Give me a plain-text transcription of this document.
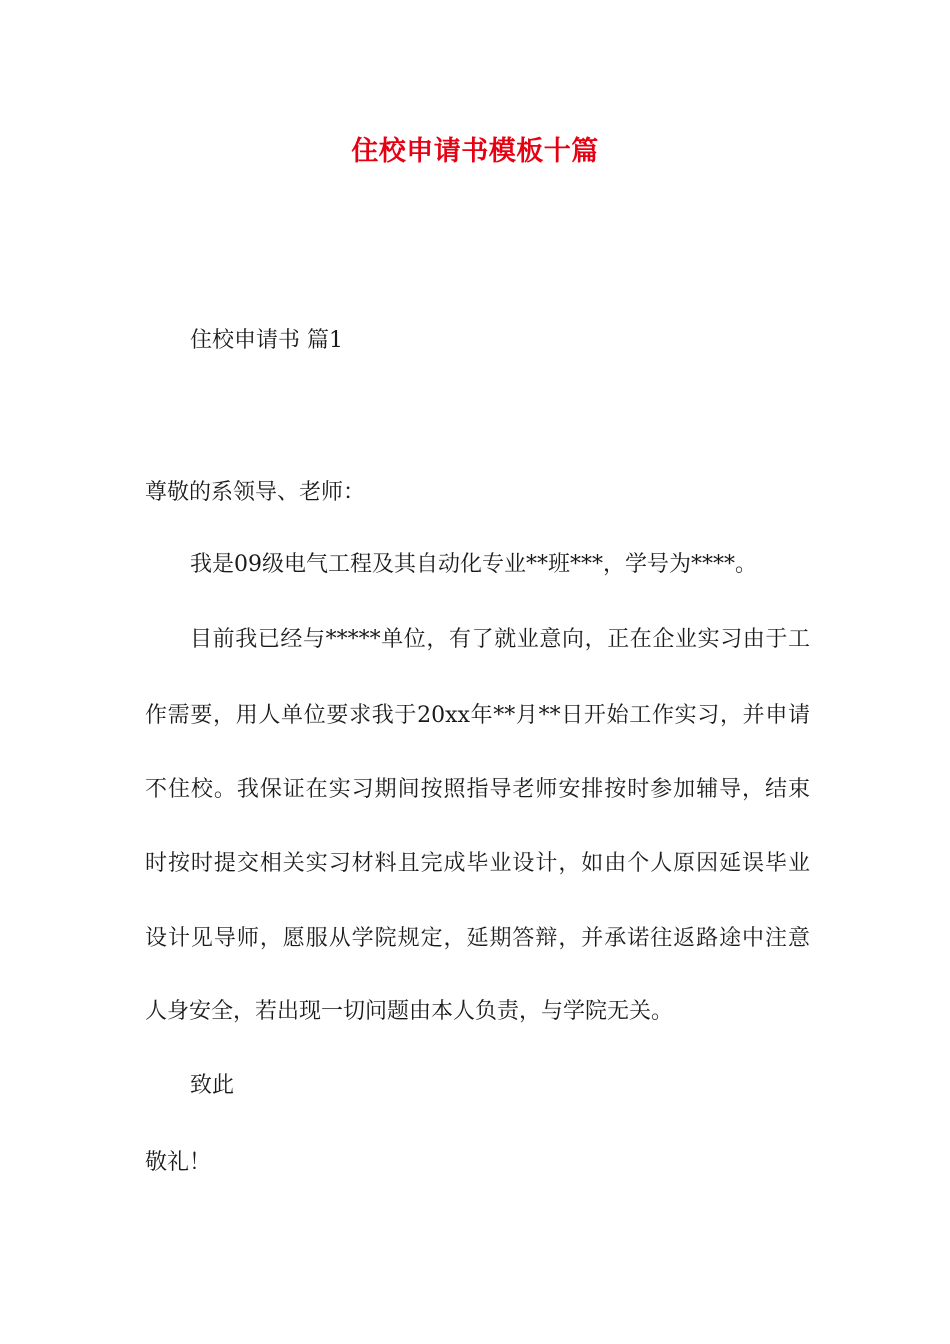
住校申请书模板十篇
住校申请书 篇1
尊敬的系领导、老师：
我是09级电气工程及其自动化专业**班***，学号为****。
目前我已经与*****单位，有了就业意向，正在企业实习由于工
作需要，用人单位要求我于20xx年**月**日开始工作实习，并申请
不住校。我保证在实习期间按照指导老师安排按时参加辅导，结束
时按时提交相关实习材料且完成毕业设计，如由个人原因延误毕业
设计见导师，愿服从学院规定，延期答辩，并承诺往返路途中注意
人身安全，若出现一切问题由本人负责，与学院无关。
致此
敬礼！
